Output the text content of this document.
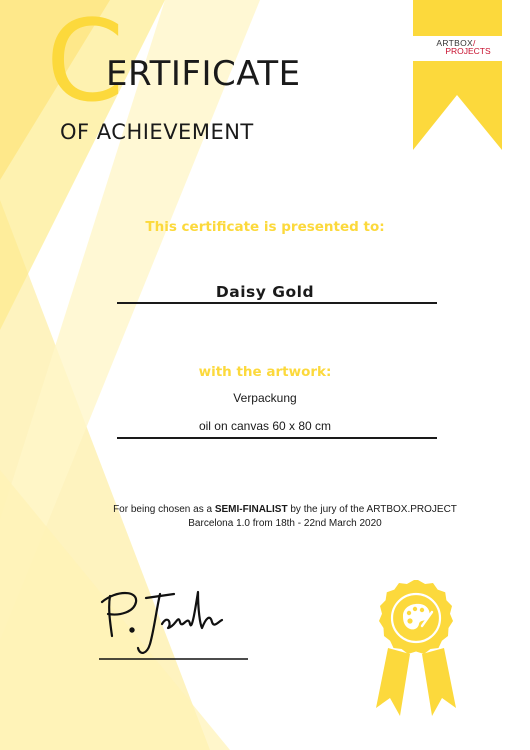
ARTBOX/
PROJECTS
C
ERTIFICATE
OF ACHIEVEMENT
This certificate is presented to:
Daisy Gold
with the artwork:
Verpackung
oil on canvas 60 x 80 cm
For being chosen as a SEMI-FINALIST by the jury of the ARTBOX.PROJECT
Barcelona 1.0 from 18th - 22nd March 2020
